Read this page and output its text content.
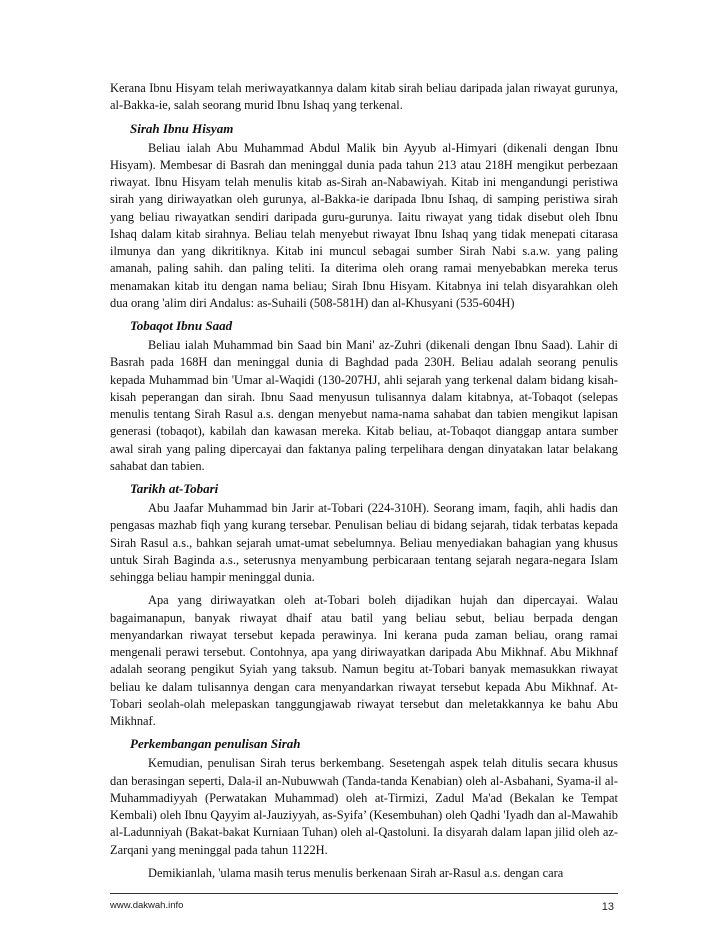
Kerana Ibnu Hisyam telah meriwayatkannya dalam kitab sirah beliau daripada jalan riwayat gurunya, al-Bakka-ie, salah seorang murid Ibnu Ishaq yang terkenal.

Sirah Ibnu Hisyam

Beliau ialah Abu Muhammad Abdul Malik bin Ayyub al-Himyari (dikenali dengan Ibnu Hisyam). Membesar di Basrah dan meninggal dunia pada tahun 213 atau 218H mengikut perbezaan riwayat. Ibnu Hisyam telah menulis kitab as-Sirah an-Nabawiyah. Kitab ini mengandungi peristiwa sirah yang diriwayatkan oleh gurunya, al-Bakka-ie daripada Ibnu Ishaq, di samping peristiwa sirah yang beliau riwayatkan sendiri daripada guru-gurunya. Iaitu riwayat yang tidak disebut oleh Ibnu Ishaq dalam kitab sirahnya. Beliau telah menyebut riwayat Ibnu Ishaq yang tidak menepati citarasa ilmunya dan yang dikritiknya. Kitab ini muncul sebagai sumber Sirah Nabi s.a.w. yang paling amanah, paling sahih. dan paling teliti. Ia diterima oleh orang ramai menyebabkan mereka terus menamakan kitab itu dengan nama beliau; Sirah Ibnu Hisyam. Kitabnya ini telah disyarahkan oleh dua orang 'alim diri Andalus: as-Suhaili (508-581H) dan al-Khusyani (535-604H)

Tobaqot Ibnu Saad

Beliau ialah Muhammad bin Saad bin Mani' az-Zuhri (dikenali dengan Ibnu Saad). Lahir di Basrah pada 168H dan meninggal dunia di Baghdad pada 230H. Beliau adalah seorang penulis kepada Muhammad bin 'Umar al-Waqidi (130-207HJ, ahli sejarah yang terkenal dalam bidang kisah-kisah peperangan dan sirah. Ibnu Saad menyusun tulisannya dalam kitabnya, at-Tobaqot (selepas menulis tentang Sirah Rasul a.s. dengan menyebut nama-nama sahabat dan tabien mengikut lapisan generasi (tobaqot), kabilah dan kawasan mereka. Kitab beliau, at-Tobaqot dianggap antara sumber awal sirah yang paling dipercayai dan faktanya paling terpelihara dengan dinyatakan latar belakang sahabat dan tabien.

Tarikh at-Tobari

Abu Jaafar Muhammad bin Jarir at-Tobari (224-310H). Seorang imam, faqih, ahli hadis dan pengasas mazhab fiqh yang kurang tersebar. Penulisan beliau di bidang sejarah, tidak terbatas kepada Sirah Rasul a.s., bahkan sejarah umat-umat sebelumnya. Beliau menyediakan bahagian yang khusus untuk Sirah Baginda a.s., seterusnya menyambung perbicaraan tentang sejarah negara-negara Islam sehingga beliau hampir meninggal dunia.

Apa yang diriwayatkan oleh at-Tobari boleh dijadikan hujah dan dipercayai. Walau bagaimanapun, banyak riwayat dhaif atau batil yang beliau sebut, beliau berpada dengan menyandarkan riwayat tersebut kepada perawinya. Ini kerana puda zaman beliau, orang ramai mengenali perawi tersebut. Contohnya, apa yang diriwayatkan daripada Abu Mikhnaf. Abu Mikhnaf adalah seorang pengikut Syiah yang taksub. Namun begitu at-Tobari banyak memasukkan riwayat beliau ke dalam tulisannya dengan cara menyandarkan riwayat tersebut kepada Abu Mikhnaf. At-Tobari seolah-olah melepaskan tanggungjawab riwayat tersebut dan meletakkannya ke bahu Abu Mikhnaf.

Perkembangan penulisan Sirah

Kemudian, penulisan Sirah terus berkembang. Sesetengah aspek telah ditulis secara khusus dan berasingan seperti, Dala-il an-Nubuwwah (Tanda-tanda Kenabian) oleh al-Asbahani, Syama-il al-Muhammadiyyah (Perwatakan Muhammad) oleh at-Tirmizi, Zadul Ma'ad (Bekalan ke Tempat Kembali) oleh Ibnu Qayyim al-Jauziyyah, as-Syifa’ (Kesembuhan) oleh Qadhi 'Iyadh dan al-Mawahib al-Ladunniyah (Bakat-bakat Kurniaan Tuhan) oleh al-Qastoluni. Ia disyarah dalam lapan jilid oleh az-Zarqani yang meninggal pada tahun 1122H.

Demikianlah, 'ulama masih terus menulis berkenaan Sirah ar-Rasul a.s. dengan cara

www.dakwah.info	13
